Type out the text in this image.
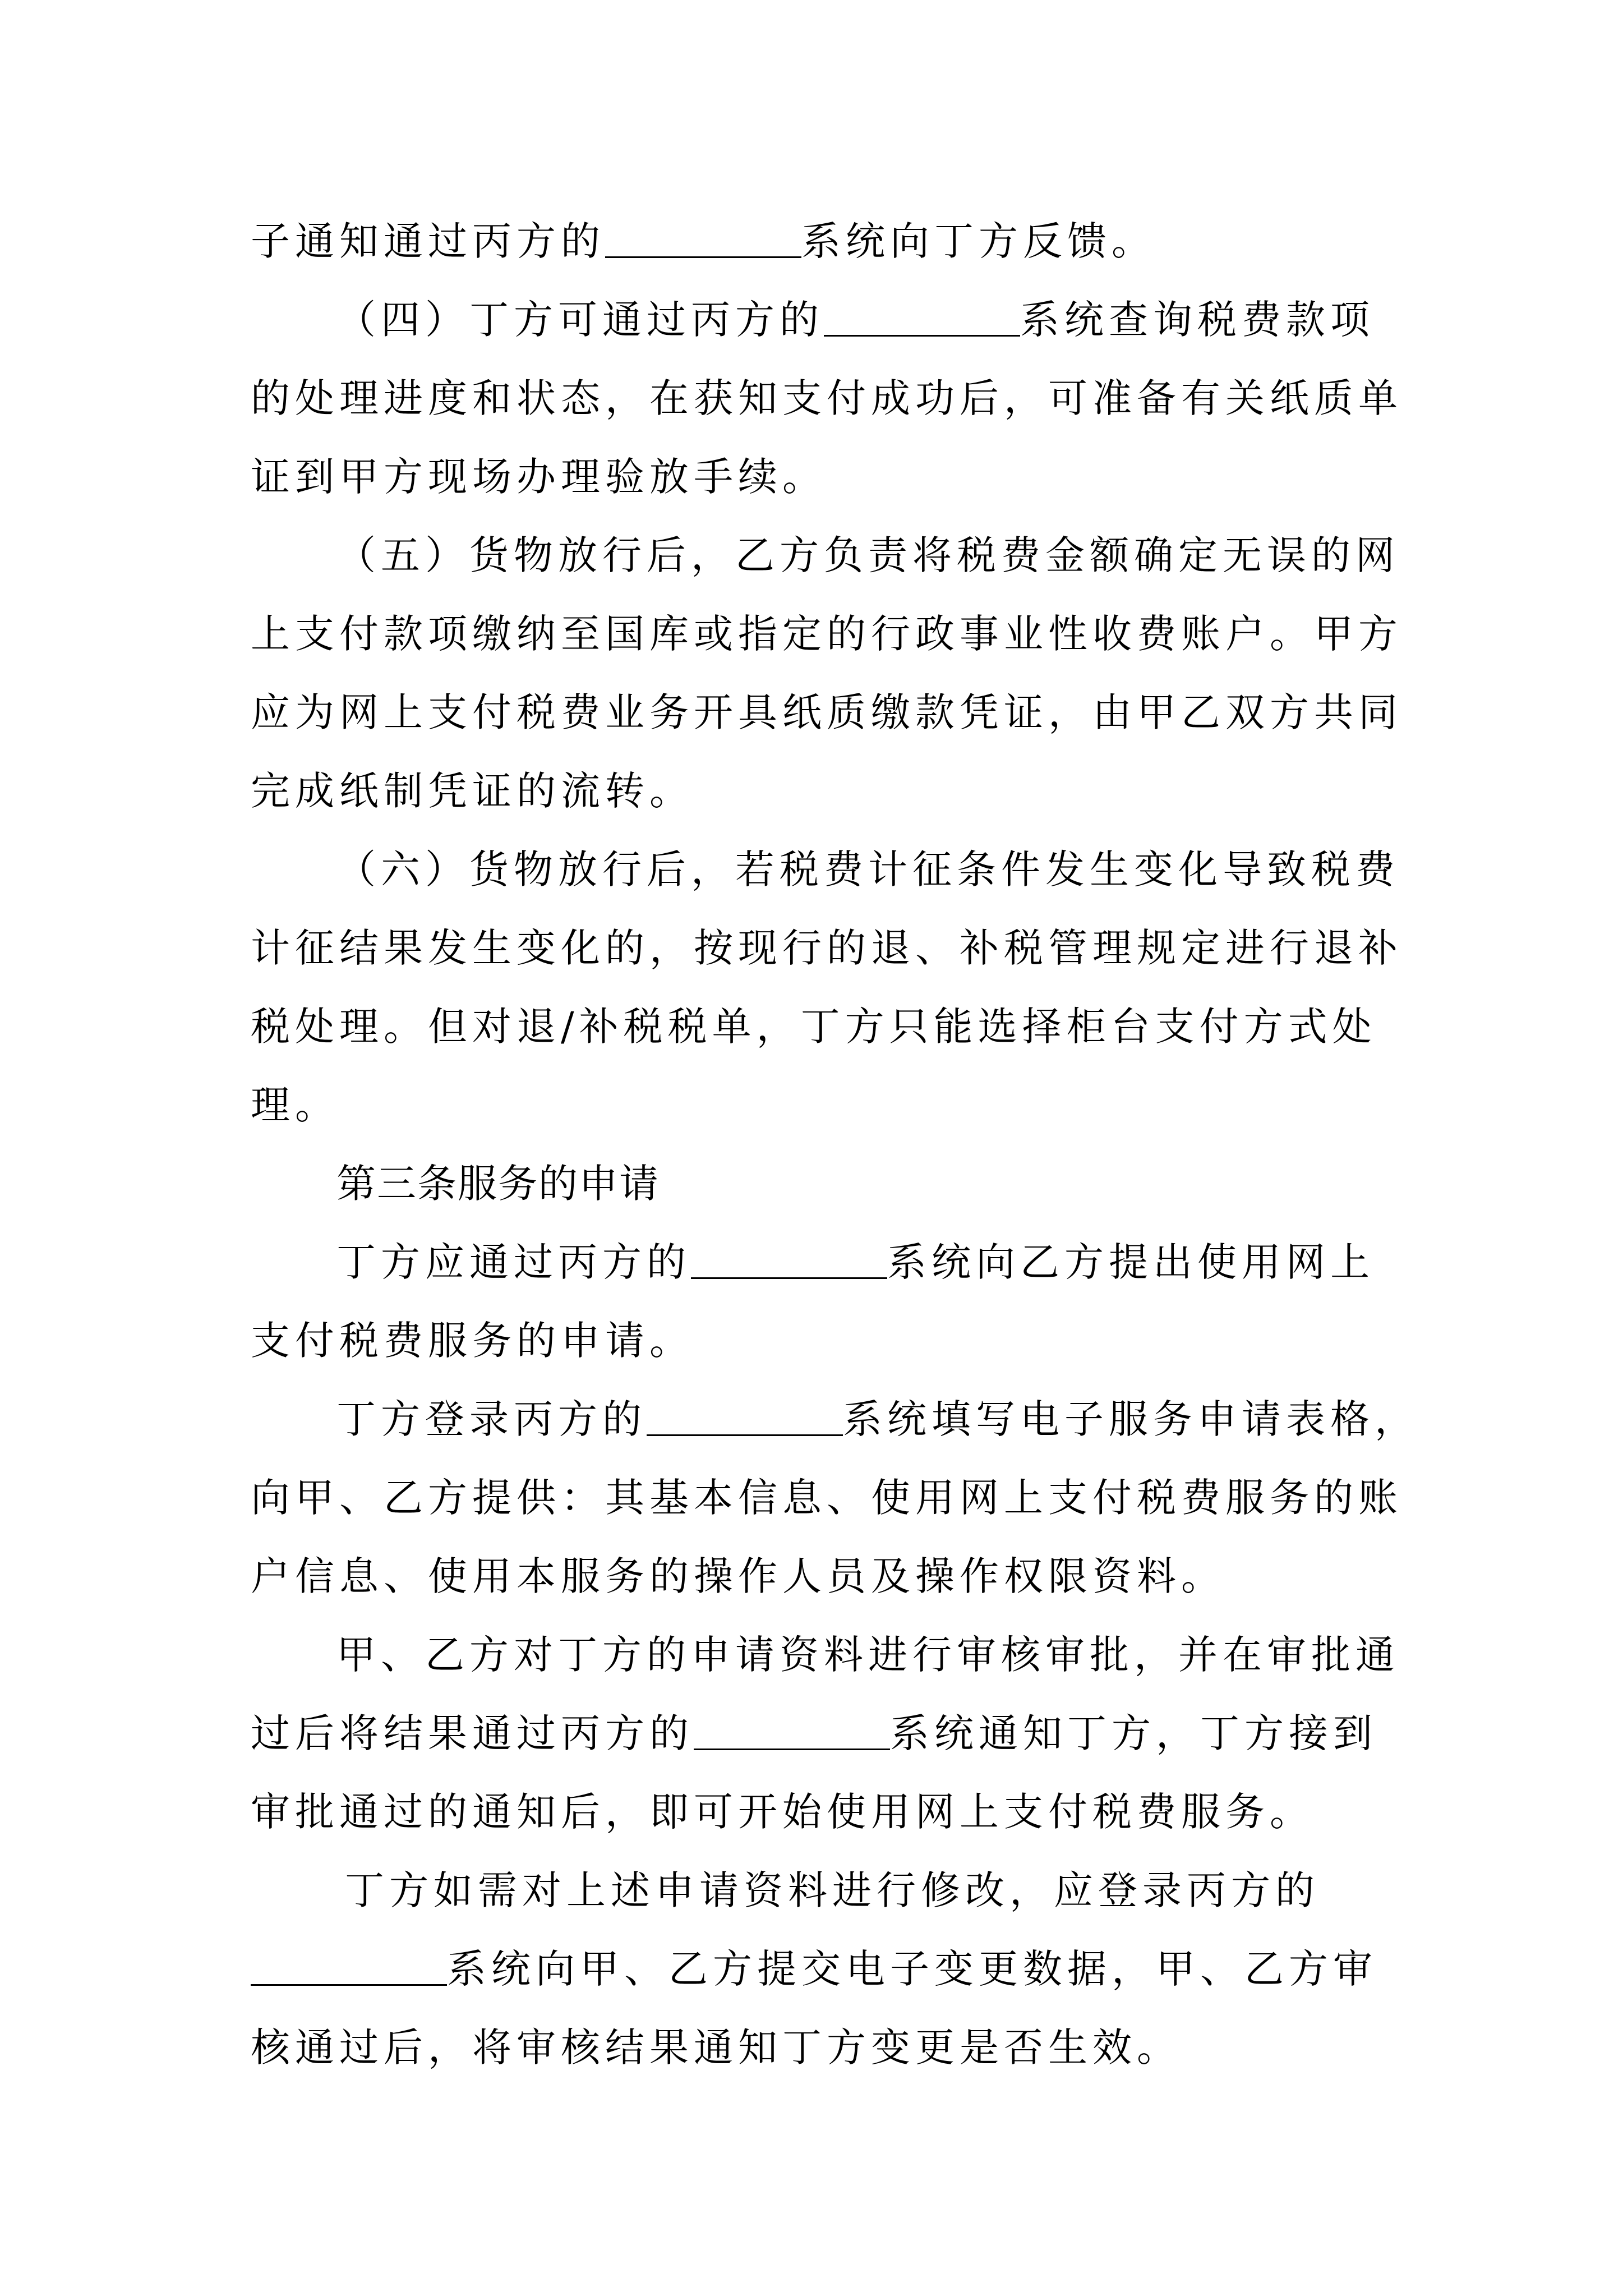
子通知通过丙方的	系统向丁方反馈。
（四）丁方可通过丙方的	系统查询税费款项
的处理进度和状态，在获知支付成功后，可准备有关纸质单
证到甲方现场办理验放手续。
（五）货物放行后，乙方负责将税费金额确定无误的网
上支付款项缴纳至国库或指定的行政事业性收费账户。甲方
应为网上支付税费业务开具纸质缴款凭证，由甲乙双方共同
完成纸制凭证的流转。
（六）货物放行后，若税费计征条件发生变化导致税费
计征结果发生变化的，按现行的退、补税管理规定进行退补
税处理。但对退/补税税单，丁方只能选择柜台支付方式处
理。
第三条服务的申请
丁方应通过丙方的	系统向乙方提出使用网上
支付税费服务的申请。
丁方登录丙方的	系统填写电子服务申请表格，
向甲、乙方提供：其基本信息、使用网上支付税费服务的账
户信息、使用本服务的操作人员及操作权限资料。
甲、乙方对丁方的申请资料进行审核审批，并在审批通
过后将结果通过丙方的	系统通知丁方，丁方接到
审批通过的通知后，即可开始使用网上支付税费服务。
丁方如需对上述申请资料进行修改，应登录丙方的
系统向甲、乙方提交电子变更数据，甲、乙方审
核通过后，将审核结果通知丁方变更是否生效。
